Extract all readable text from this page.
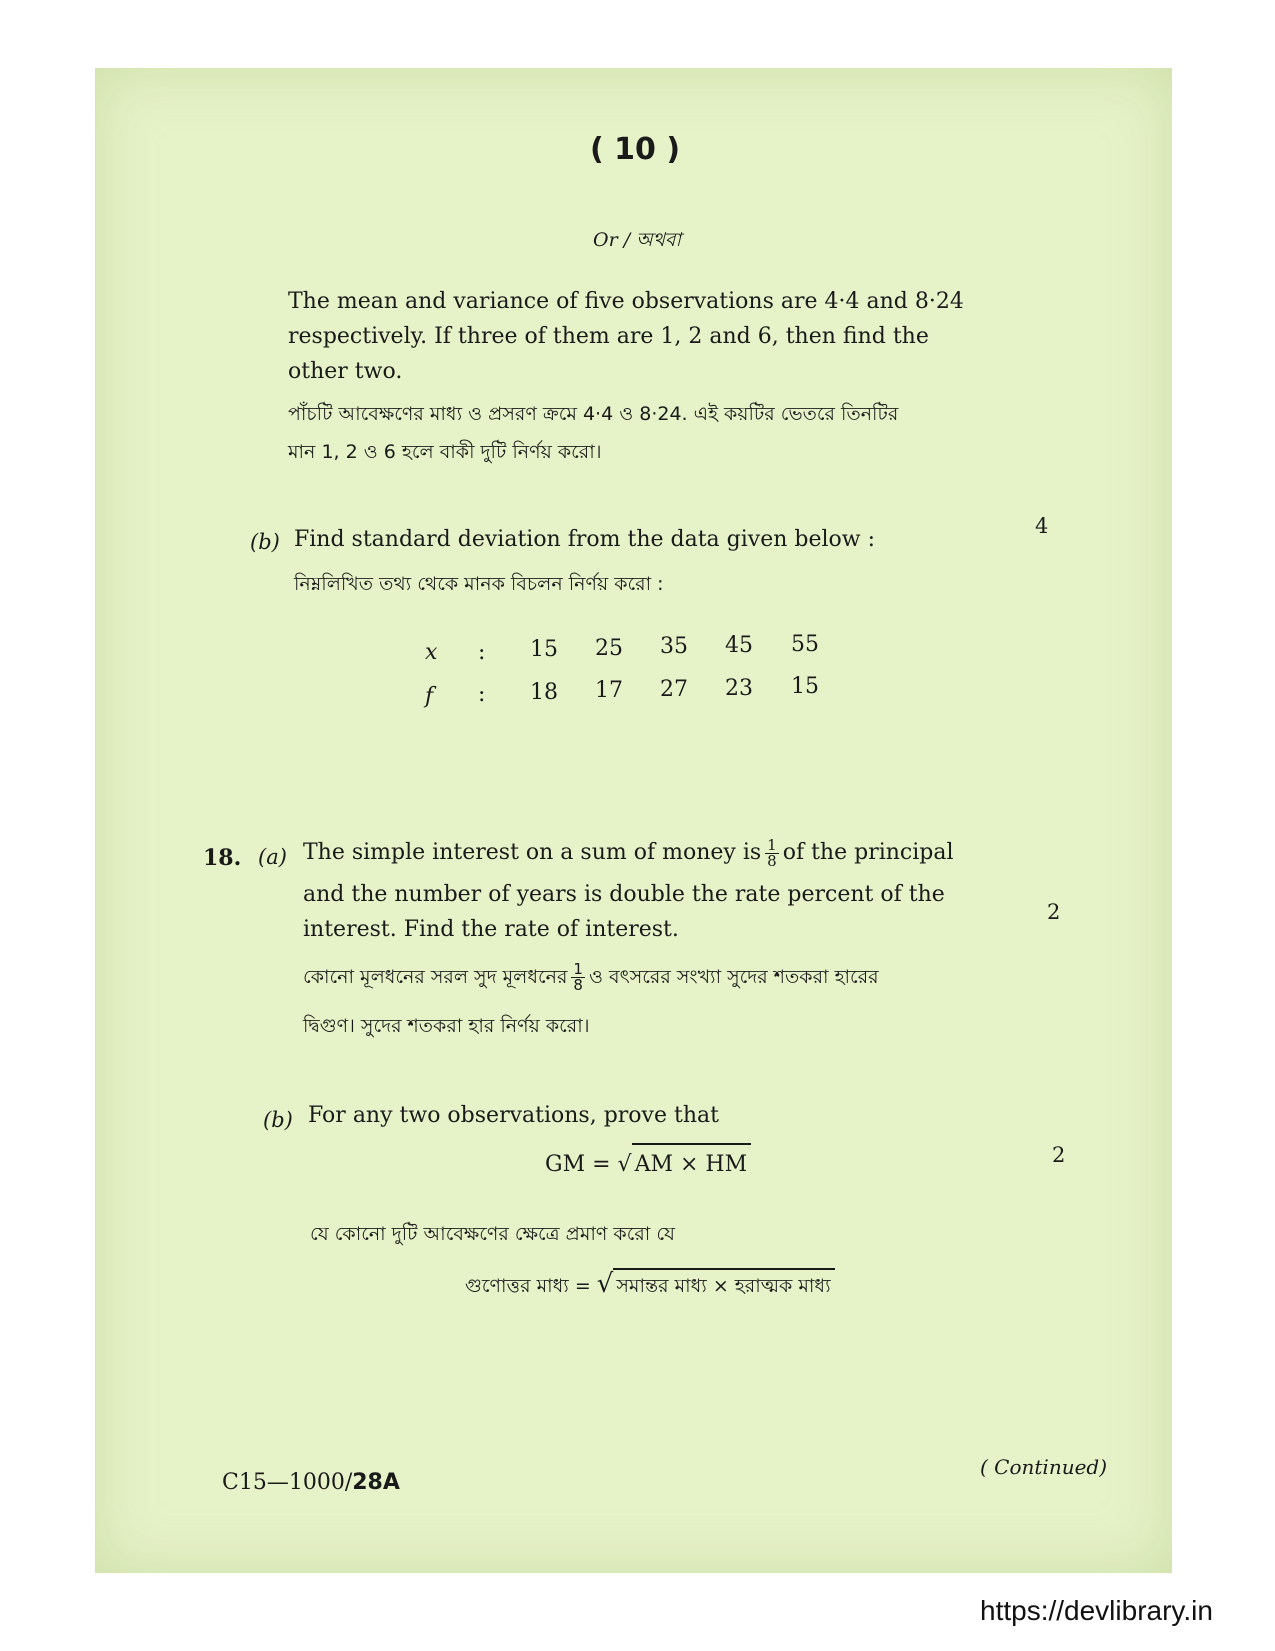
( 10 )
Or / অথবা
The mean and variance of five observations are 4·4 and 8·24
respectively. If three of them are 1, 2 and 6, then find the
other two.
পাঁচটি আবেক্ষণের মাধ্য ও প্রসরণ ক্রমে 4·4 ও 8·24. এই কয়টির ভেতরে তিনটির
মান 1, 2 ও 6 হলে বাকী দুটি নির্ণয় করো।
(b) Find standard deviation from the data given below :
4
নিম্নলিখিত তথ্য থেকে মানক বিচলন নির্ণয় করো :
x : 15 25 35 45 55
f : 18 17 27 23 15
18. (a) The simple interest on a sum of money is $\frac{1}{8}$ of the principal
and the number of years is double the rate percent of the
interest. Find the rate of interest.
2
কোনো মূলধনের সরল সুদ মূলধনের $\frac{1}{8}$ ও বৎসরের সংখ্যা সুদের শতকরা হারের
দ্বিগুণ। সুদের শতকরা হার নির্ণয় করো।
(b) For any two observations, prove that
GM = √ AM × HM	2
যে কোনো দুটি আবেক্ষণের ক্ষেত্রে প্রমাণ করো যে
গুণোত্তর মাধ্য = √ সমান্তর মাধ্য × হরাত্মক মাধ্য
C15—1000/28A
( Continued)
https://devlibrary.in
